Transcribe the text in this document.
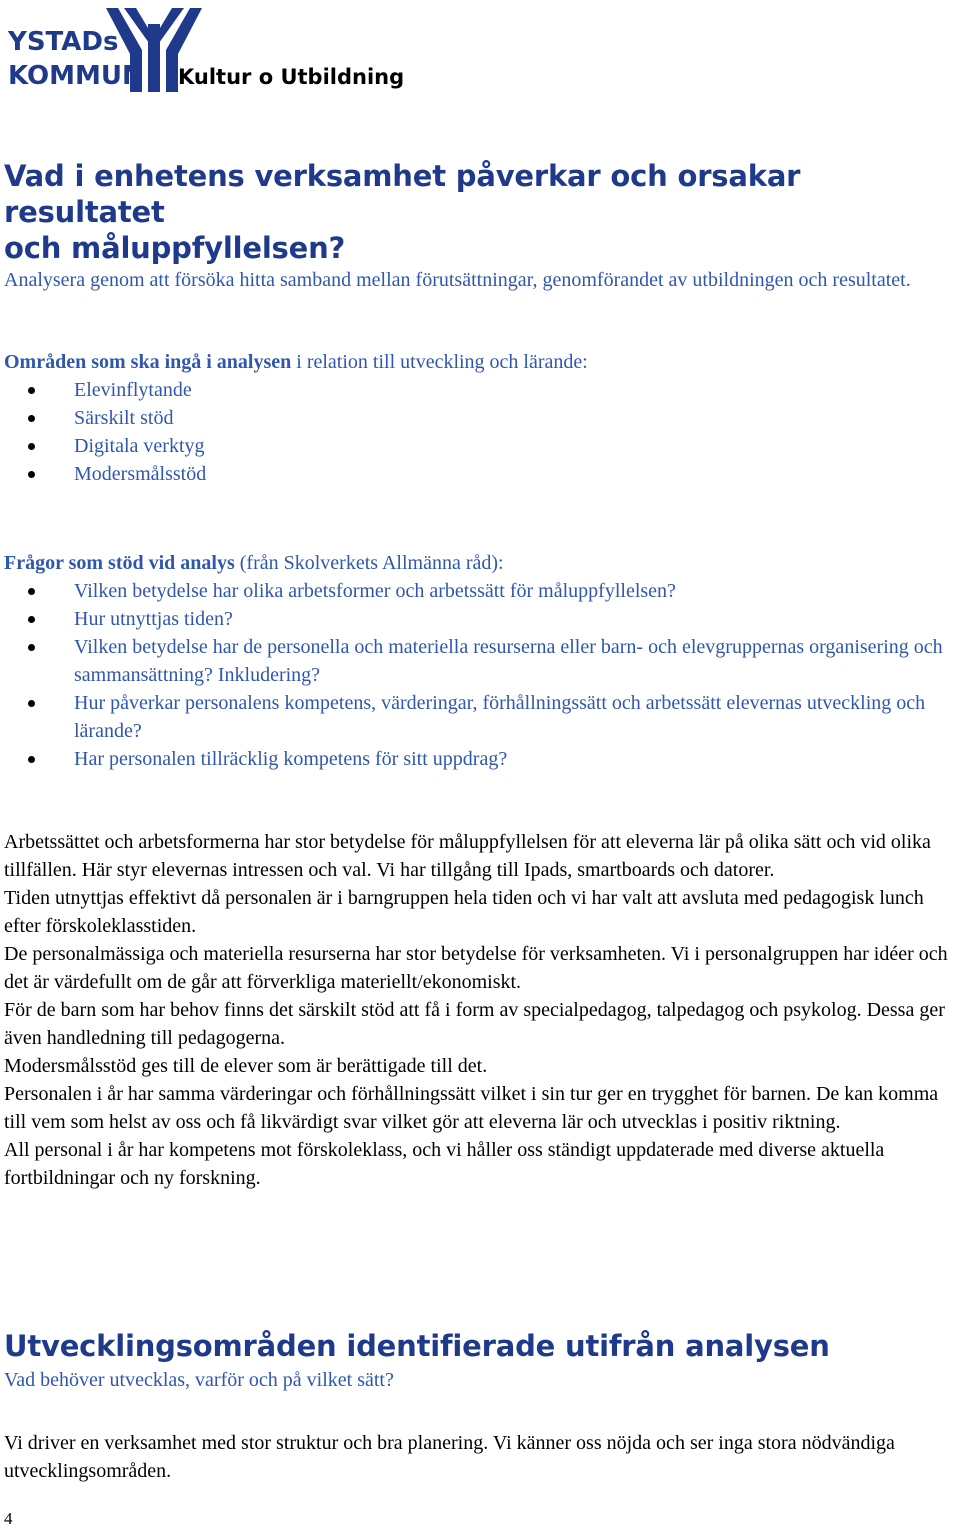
YSTADs
KOMMUN Kultur o Utbildning

Vad i enhetens verksamhet påverkar och orsakar resultatet

och måluppfyllelsen?

Analysera genom att försöka hitta samband mellan förutsättningar, genomförandet av utbildningen och resultatet.

Områden som ska ingå i analysen i relation till utveckling och lärande:

Elevinflytande
Särskilt stöd
Digitala verktyg
Modersmålsstöd

Frågor som stöd vid analys (från Skolverkets Allmänna råd):

Vilken betydelse har olika arbetsformer och arbetssätt för måluppfyllelsen?
Hur utnyttjas tiden?
Vilken betydelse har de personella och materiella resurserna eller barn- och elevgruppernas organisering och sammansättning? Inkludering?
Hur påverkar personalens kompetens, värderingar, förhållningssätt och arbetssätt elevernas utveckling och lärande?
Har personalen tillräcklig kompetens för sitt uppdrag?

Arbetssättet och arbetsformerna har stor betydelse för måluppfyllelsen för att eleverna lär på olika sätt och vid olika tillfällen. Här styr elevernas intressen och val. Vi har tillgång till Ipads, smartboards och datorer.

Tiden utnyttjas effektivt då personalen är i barngruppen hela tiden och vi har valt att avsluta med pedagogisk lunch efter förskoleklasstiden.

De personalmässiga och materiella resurserna har stor betydelse för verksamheten. Vi i personalgruppen har idéer och det är värdefullt om de går att förverkliga materiellt/ekonomiskt.

För de barn som har behov finns det särskilt stöd att få i form av specialpedagog, talpedagog och psykolog. Dessa ger även handledning till pedagogerna.

Modersmålsstöd ges till de elever som är berättigade till det.

Personalen i år har samma värderingar och förhållningssätt vilket i sin tur ger en trygghet för barnen. De kan komma till vem som helst av oss och få likvärdigt svar vilket gör att eleverna lär och utvecklas i positiv riktning.

All personal i år har kompetens mot förskoleklass, och vi håller oss ständigt uppdaterade med diverse aktuella fortbildningar och ny forskning.

Utvecklingsområden identifierade utifrån analysen

Vad behöver utvecklas, varför och på vilket sätt?

Vi driver en verksamhet med stor struktur och bra planering. Vi känner oss nöjda och ser inga stora nödvändiga utvecklingsområden.

4
